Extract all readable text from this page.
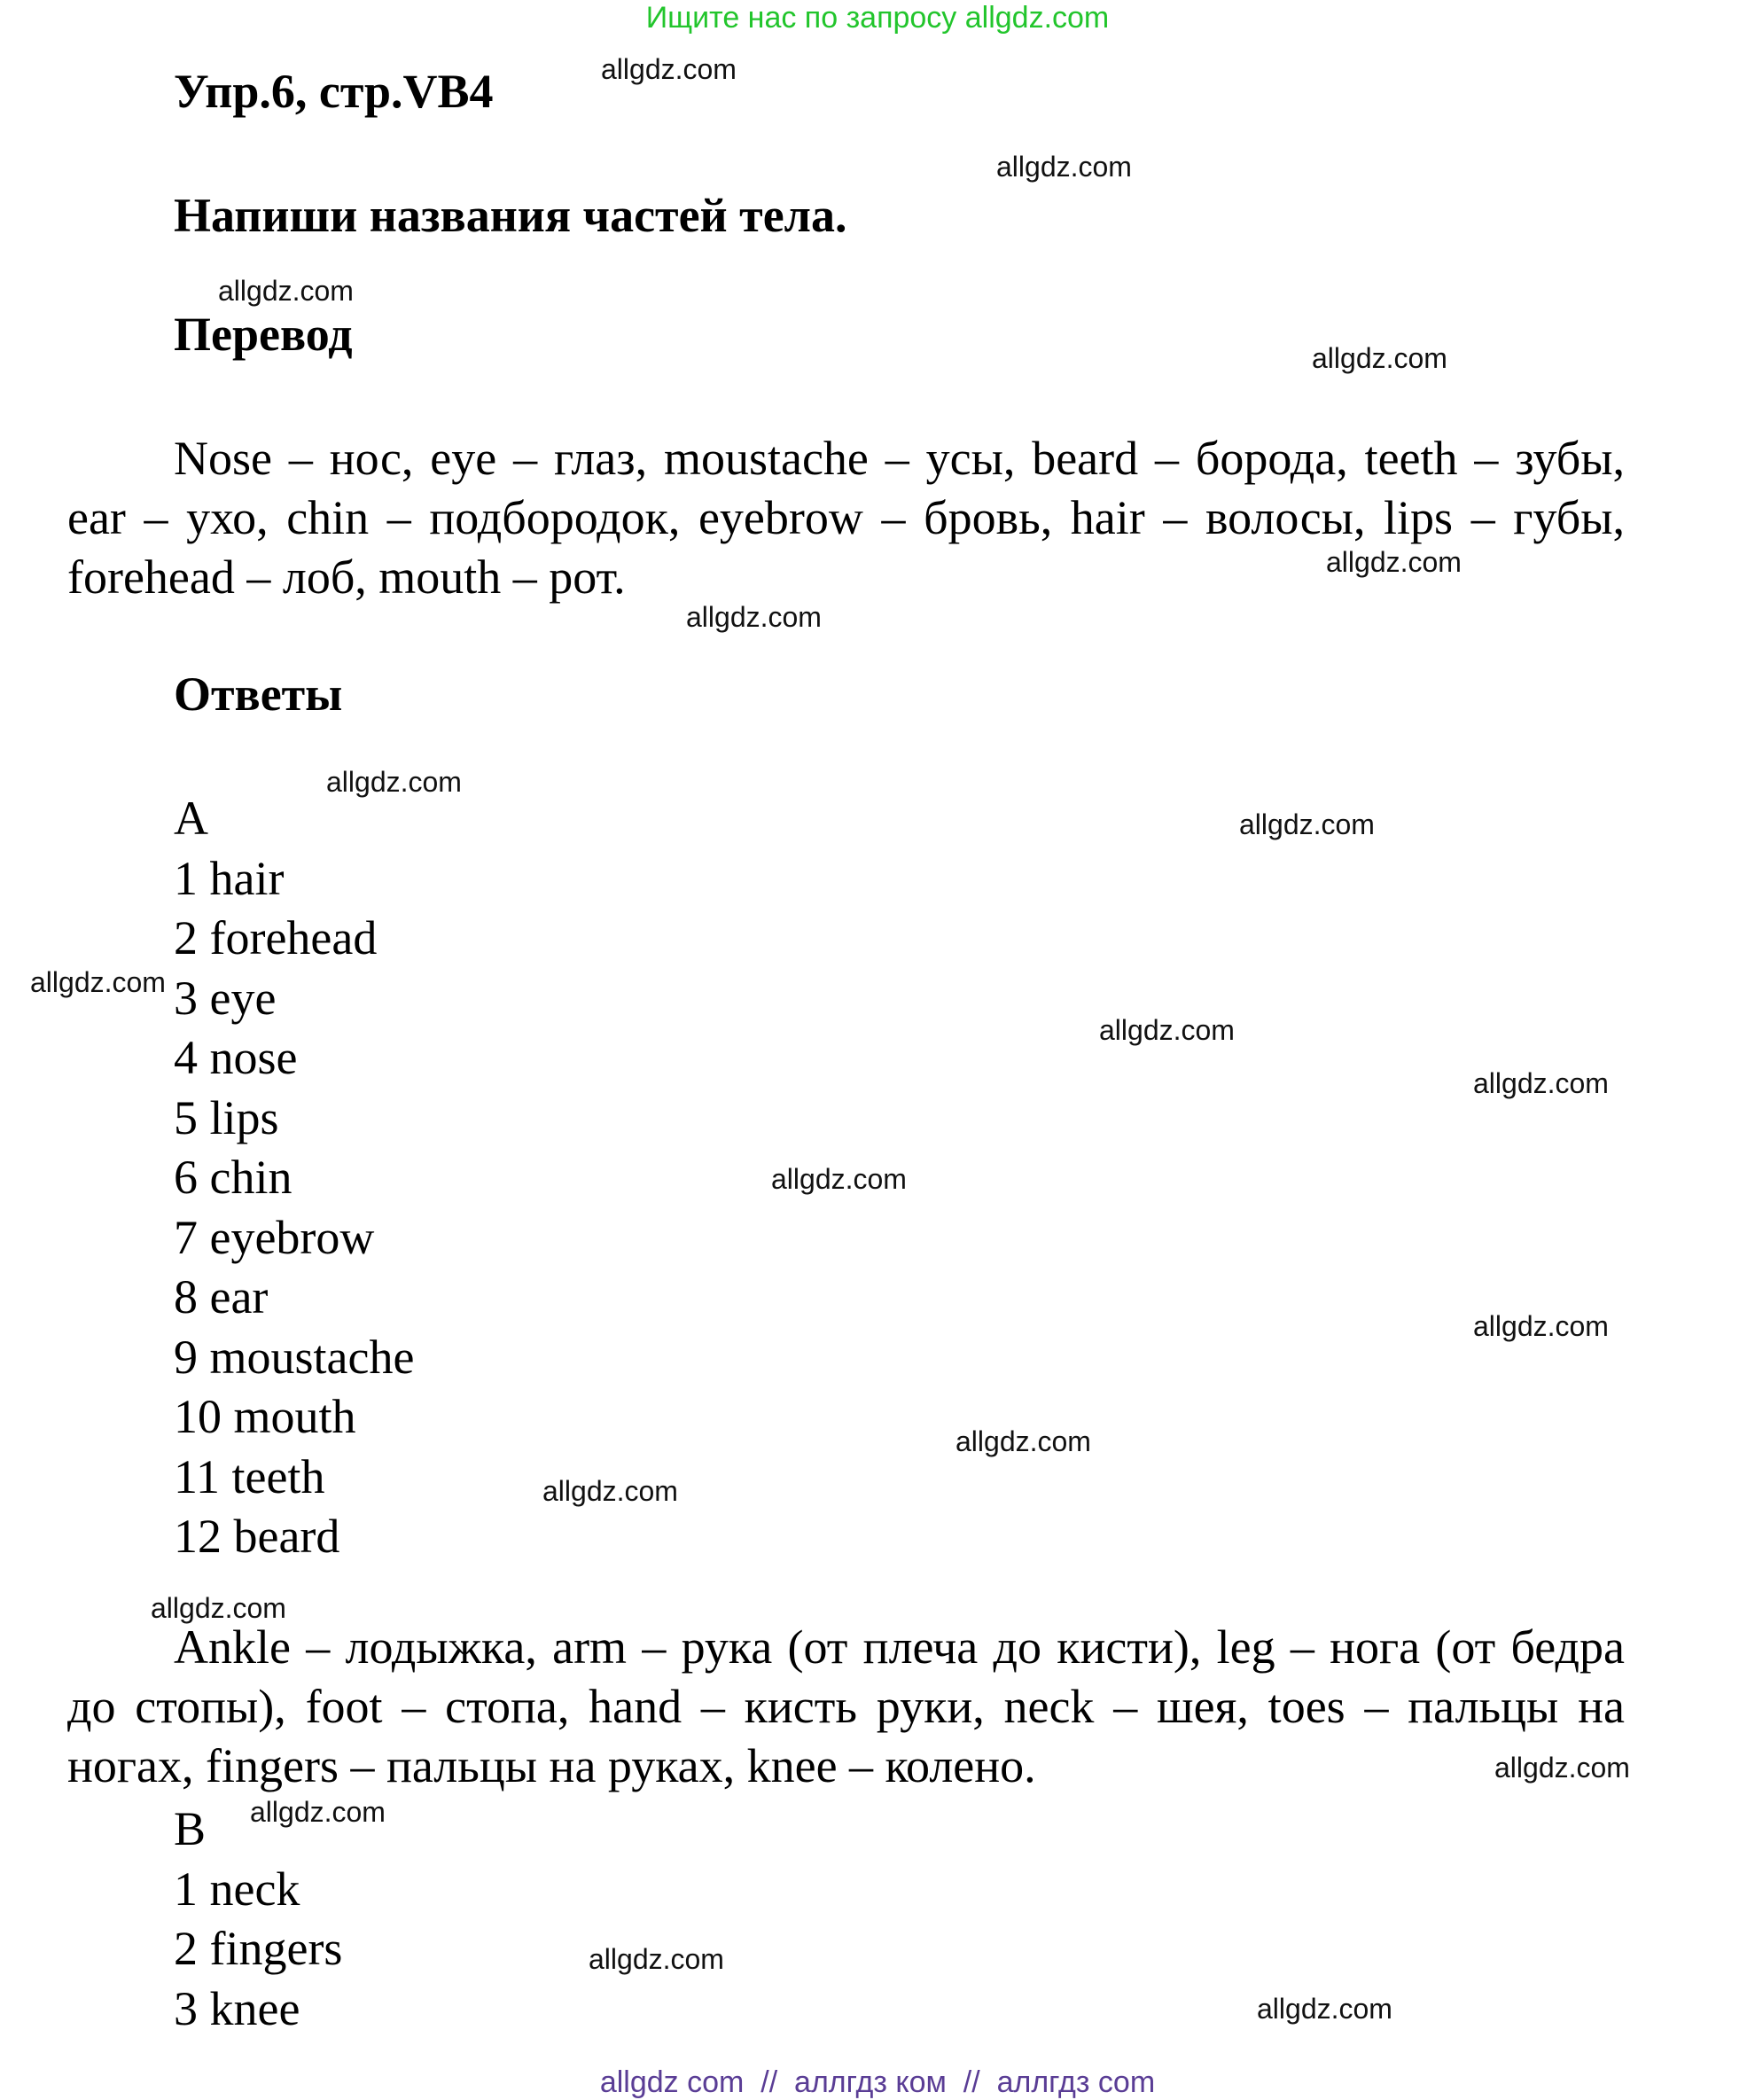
Ищите нас по запросу allgdz.com
Упр.6, стр.VB4
Напиши названия частей тела.
Перевод
Nose – нос, eye – глаз, moustache – усы, beard – борода, teeth – зубы, ear – ухо, chin – подбородок, eyebrow – бровь, hair – волосы, lips – губы, forehead – лоб, mouth – рот.
Ответы
A
1 hair
2 forehead
3 eye
4 nose
5 lips
6 chin
7 eyebrow
8 ear
9 moustache
10 mouth
11 teeth
12 beard
Ankle – лодыжка, arm – рука (от плеча до кисти), leg – нога (от бедра до стопы), foot – стопа, hand – кисть руки, neck – шея, toes – пальцы на ногах, fingers – пальцы на руках, knee – колено.
B
1 neck
2 fingers
3 knee
allgdz.com
allgdz.com
allgdz.com
allgdz.com
allgdz.com
allgdz.com
allgdz.com
allgdz.com
allgdz.com
allgdz.com
allgdz.com
allgdz.com
allgdz.com
allgdz.com
allgdz.com
allgdz.com
allgdz.com
allgdz.com
allgdz.com
allgdz.com
allgdz com  //  аллгдз ком  //  аллгдз com
